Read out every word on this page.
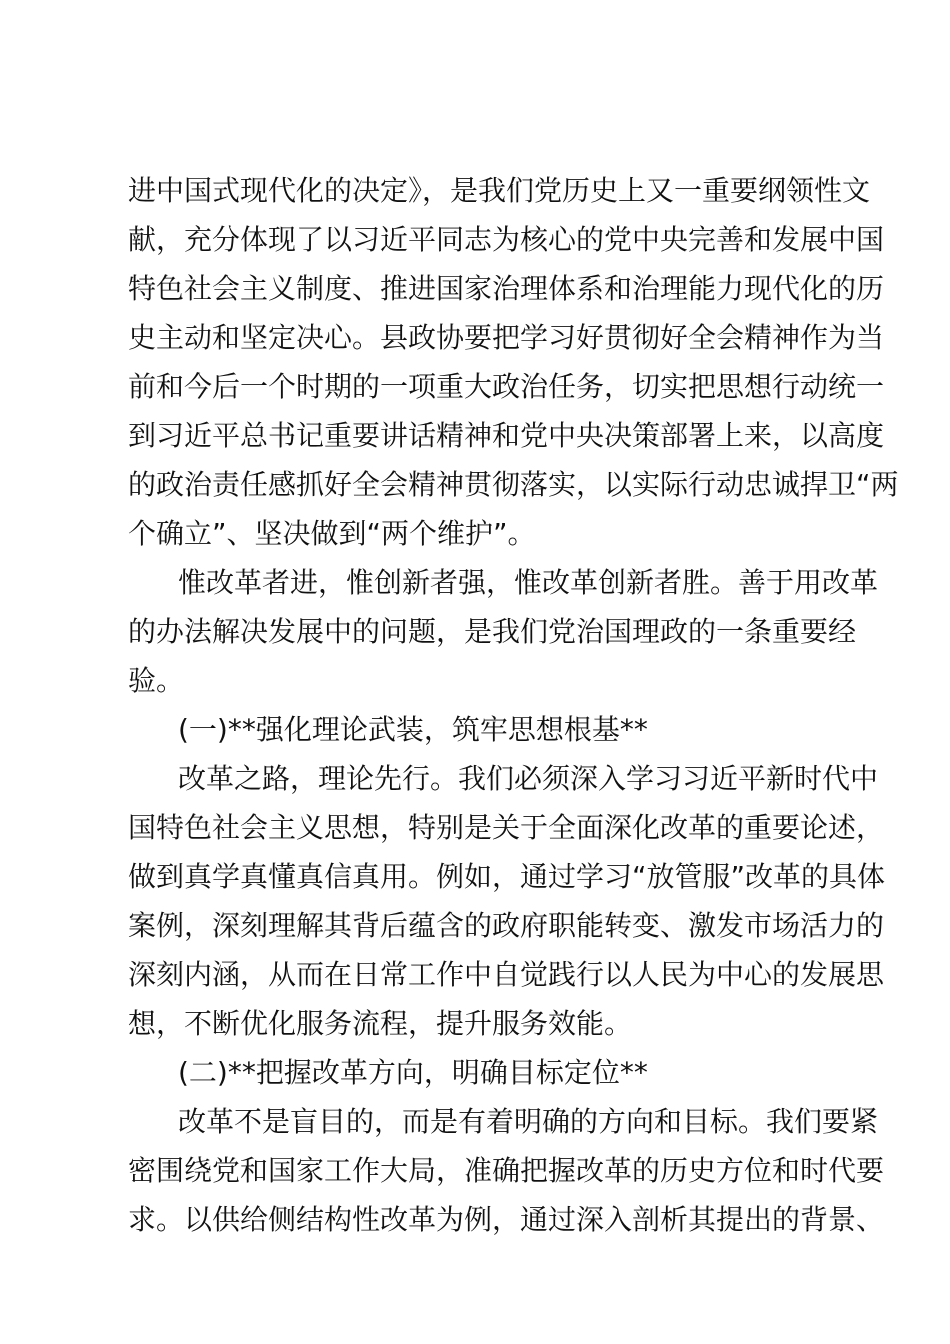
进中国式现代化的决定》，是我们党历史上又一重要纲领性文
献，充分体现了以习近平同志为核心的党中央完善和发展中国
特色社会主义制度、推进国家治理体系和治理能力现代化的历
史主动和坚定决心。县政协要把学习好贯彻好全会精神作为当
前和今后一个时期的一项重大政治任务，切实把思想行动统一
到习近平总书记重要讲话精神和党中央决策部署上来，以高度
的政治责任感抓好全会精神贯彻落实，以实际行动忠诚捍卫“两
个确立”、坚决做到“两个维护”。
惟改革者进，惟创新者强，惟改革创新者胜。善于用改革
的办法解决发展中的问题，是我们党治国理政的一条重要经
验。
(一)**强化理论武装，筑牢思想根基**
改革之路，理论先行。我们必须深入学习习近平新时代中
国特色社会主义思想，特别是关于全面深化改革的重要论述，
做到真学真懂真信真用。例如，通过学习“放管服”改革的具体
案例，深刻理解其背后蕴含的政府职能转变、激发市场活力的
深刻内涵，从而在日常工作中自觉践行以人民为中心的发展思
想，不断优化服务流程，提升服务效能。
(二)**把握改革方向，明确目标定位**
改革不是盲目的，而是有着明确的方向和目标。我们要紧
密围绕党和国家工作大局，准确把握改革的历史方位和时代要
求。以供给侧结构性改革为例，通过深入剖析其提出的背景、
